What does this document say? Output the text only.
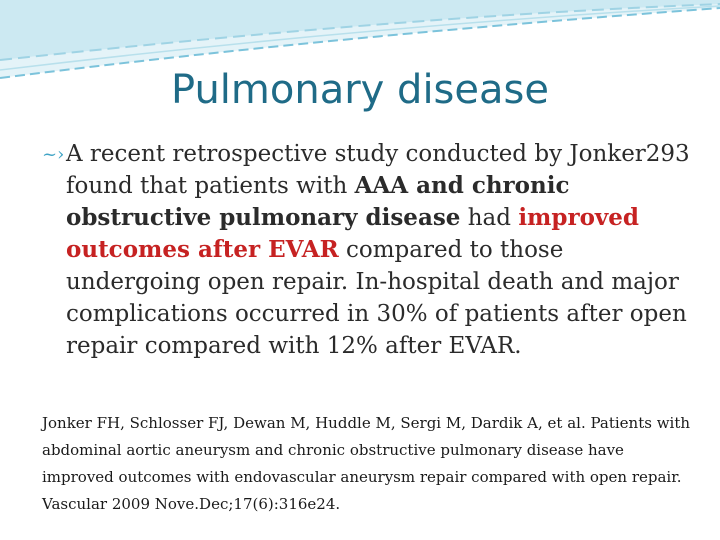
Pulmonary disease
~› A recent retrospective study conducted by Jonker293 found that patients with AAA and chronic obstructive pulmonary disease had improved outcomes after EVAR compared to those undergoing open repair. In-hospital death and major complications occurred in 30% of patients after open repair compared with 12% after EVAR.

Jonker FH, Schlosser FJ, Dewan M, Huddle M, Sergi M, Dardik A, et al. Patients with abdominal aortic aneurysm and chronic obstructive pulmonary disease have improved outcomes with endovascular aneurysm repair compared with open repair. Vascular 2009 Nove.Dec;17(6):316e24.
